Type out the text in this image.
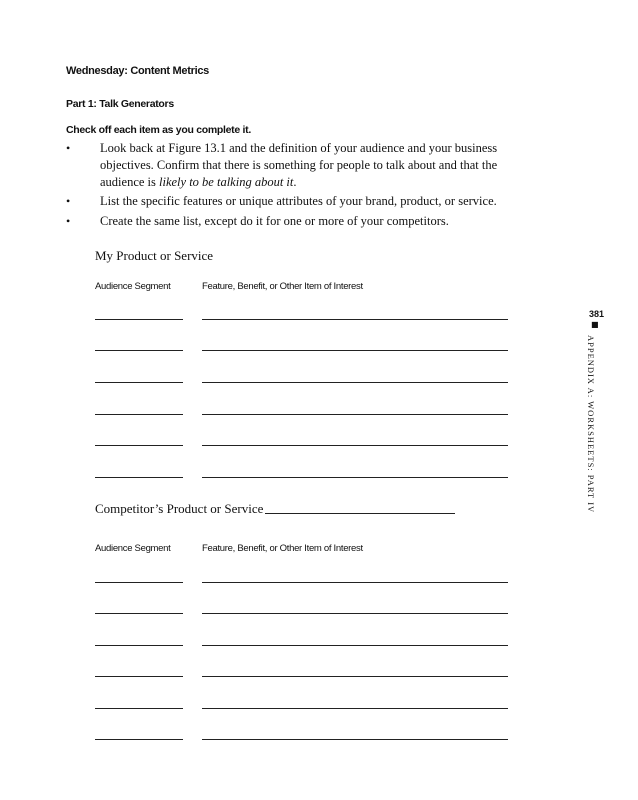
Wednesday: Content Metrics
Part 1: Talk Generators
Check off each item as you complete it.
• Look back at Figure 13.1 and the definition of your audience and your business
objectives. Confirm that there is something for people to talk about and that the
audience is likely to be talking about it.
• List the specific features or unique attributes of your brand, product, or service.
• Create the same list, except do it for one or more of your competitors.
My Product or Service
Audience Segment	Feature, Benefit, or Other Item of Interest
Competitor’s Product or Service
Audience Segment	Feature, Benefit, or Other Item of Interest
381
■
APPENDIX A: WORKSHEETS: PART IV
